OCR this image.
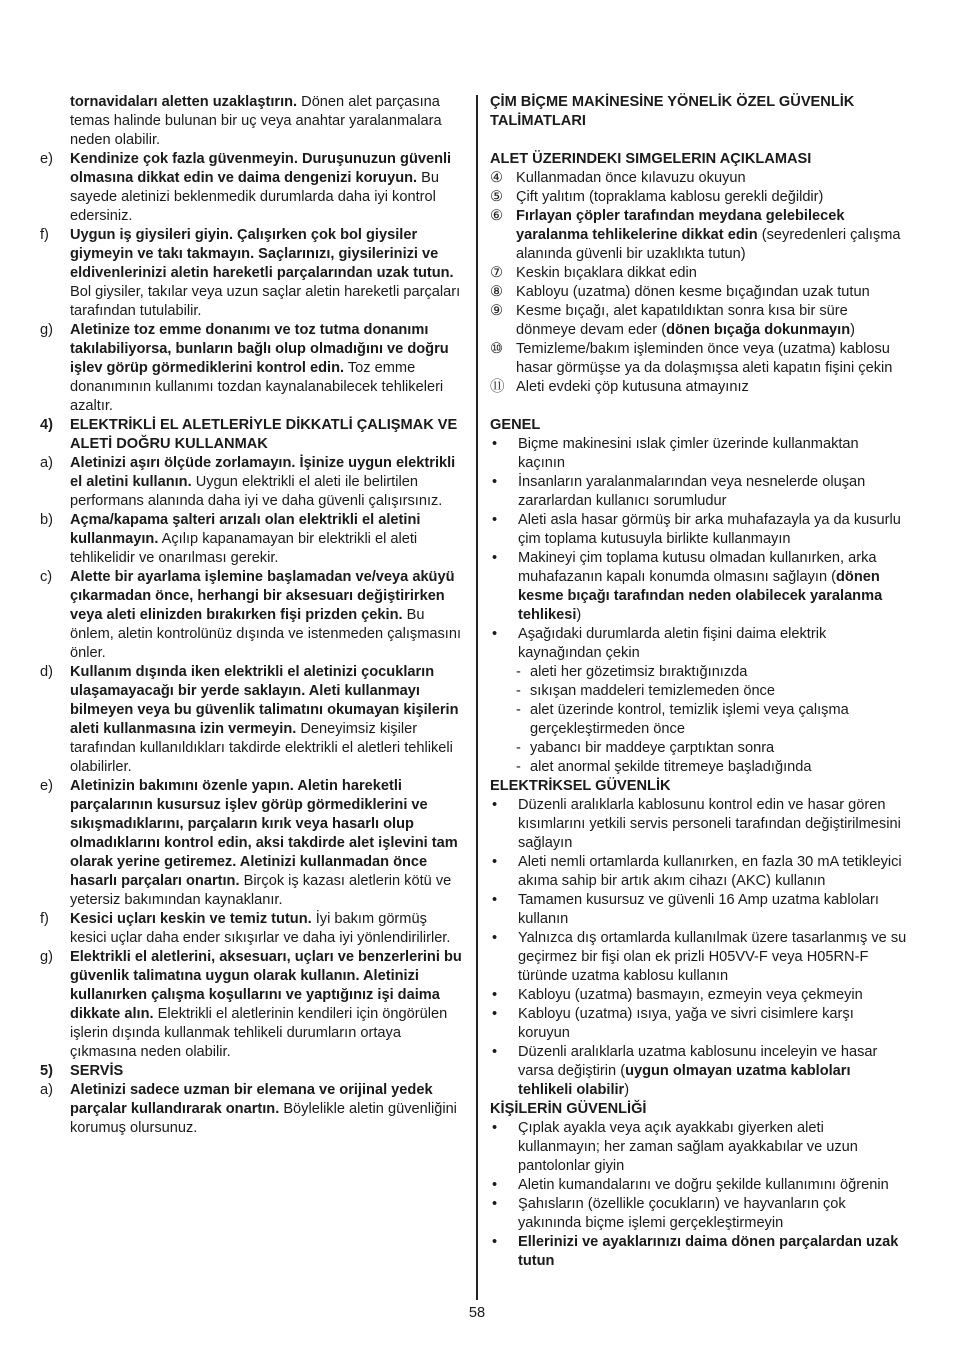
tornavidaları aletten uzaklaştırın. Dönen alet parçasına temas halinde bulunan bir uç veya anahtar yaralanmalara neden olabilir.
e)	Kendinize çok fazla güvenmeyin. Duruşunuzun güvenli olmasına dikkat edin ve daima dengenizi koruyun. Bu sayede aletinizi beklenmedik durumlarda daha iyi kontrol edersiniz.
f)	Uygun iş giysileri giyin. Çalışırken çok bol giysiler giymeyin ve takı takmayın. Saçlarınızı, giysilerinizi ve eldivenlerinizi aletin hareketli parçalarından uzak tutun. Bol giysiler, takılar veya uzun saçlar aletin hareketli parçaları tarafından tutulabilir.
g)	Aletinize toz emme donanımı ve toz tutma donanımı takılabiliyorsa, bunların bağlı olup olmadığını ve doğru işlev görüp görmediklerini kontrol edin. Toz emme donanımının kullanımı tozdan kaynalanabilecek tehlikeleri azaltır.
4)	ELEKTRİKLİ EL ALETLERİYLE DİKKATLİ ÇALIŞMAK VE ALETİ DOĞRU KULLANMAK
a)	Aletinizi aşırı ölçüde zorlamayın. İşinize uygun elektrikli el aletini kullanın. Uygun elektrikli el aleti ile belirtilen performans alanında daha iyi ve daha güvenli çalışırsınız.
b)	Açma/kapama şalteri arızalı olan elektrikli el aletini kullanmayın. Açılıp kapanamayan bir elektrikli el aleti tehlikelidir ve onarılması gerekir.
c)	Alette bir ayarlama işlemine başlamadan ve/veya aküyü çıkarmadan önce, herhangi bir aksesuarı değiştirirken veya aleti elinizden bırakırken fişi prizden çekin. Bu önlem, aletin kontrolünüz dışında ve istenmeden çalışmasını önler.
d)	Kullanım dışında iken elektrikli el aletinizi çocukların ulaşamayacağı bir yerde saklayın. Aleti kullanmayı bilmeyen veya bu güvenlik talimatını okumayan kişilerin aleti kullanmasına izin vermeyin. Deneyimsiz kişiler tarafından kullanıldıkları takdirde elektrikli el aletleri tehlikeli olabilirler.
e)	Aletinizin bakımını özenle yapın. Aletin hareketli parçalarının kusursuz işlev görüp görmediklerini ve sıkışmadıklarını, parçaların kırık veya hasarlı olup olmadıklarını kontrol edin, aksi takdirde alet işlevini tam olarak yerine getiremez. Aletinizi kullanmadan önce hasarlı parçaları onartın. Birçok iş kazası aletlerin kötü ve yetersiz bakımından kaynaklanır.
f)	Kesici uçları keskin ve temiz tutun. İyi bakım görmüş kesici uçlar daha ender sıkışırlar ve daha iyi yönlendirilirler.
g)	Elektrikli el aletlerini, aksesuarı, uçları ve benzerlerini bu güvenlik talimatına uygun olarak kullanın. Aletinizi kullanırken çalışma koşullarını ve yaptığınız işi daima dikkate alın. Elektrikli el aletlerinin kendileri için öngörülen işlerin dışında kullanmak tehlikeli durumların ortaya çıkmasına neden olabilir.
5)	SERVİS
a)	Aletinizi sadece uzman bir elemana ve orijinal yedek parçalar kullandırarak onartın. Böylelikle aletin güvenliğini korumuş olursunuz.
ÇİM BİÇME MAKİNESİNE YÖNELİK ÖZEL GÜVENLİK TALİMATLARI
ALET ÜZERINDEKI SIMGELERIN AÇIKLAMASI
④ Kullanmadan önce kılavuzu okuyun
⑤ Çift yalıtım (topraklama kablosu gerekli değildir)
⑥ Fırlayan çöpler tarafından meydana gelebilecek yaralanma tehlikelerine dikkat edin (seyredenleri çalışma alanında güvenli bir uzaklıkta tutun)
⑦ Keskin bıçaklara dikkat edin
⑧ Kabloyu (uzatma) dönen kesme bıçağından uzak tutun
⑨ Kesme bıçağı, alet kapatıldıktan sonra kısa bir süre dönmeye devam eder (dönen bıçağa dokunmayın)
⑩ Temizleme/bakım işleminden önce veya (uzatma) kablosu hasar görmüşse ya da dolaşmışsa aleti kapatın fişini çekin
⑪ Aleti evdeki çöp kutusuna atmayınız
GENEL
•	Biçme makinesini ıslak çimler üzerinde kullanmaktan kaçının
•	İnsanların yaralanmalarından veya nesnelerde oluşan zararlardan kullanıcı sorumludur
•	Aleti asla hasar görmüş bir arka muhafazayla ya da kusurlu çim toplama kutusuyla birlikte kullanmayın
•	Makineyi çim toplama kutusu olmadan kullanırken, arka muhafazanın kapalı konumda olmasını sağlayın (dönen kesme bıçağı tarafından neden olabilecek yaralanma tehlikesi)
•	Aşağıdaki durumlarda aletin fişini daima elektrik kaynağından çekin
- aleti her gözetimsiz bıraktığınızda
- sıkışan maddeleri temizlemeden önce
- alet üzerinde kontrol, temizlik işlemi veya çalışma gerçekleştirmeden önce
- yabancı bir maddeye çarptıktan sonra
- alet anormal şekilde titremeye başladığında
ELEKTRİKSEL GÜVENLİK
•	Düzenli aralıklarla kablosunu kontrol edin ve hasar gören kısımlarını yetkili servis personeli tarafından değiştirilmesini sağlayın
•	Aleti nemli ortamlarda kullanırken, en fazla 30 mA tetikleyici akıma sahip bir artık akım cihazı (AKC) kullanın
•	Tamamen kusursuz ve güvenli 16 Amp uzatma kabloları kullanın
•	Yalnızca dış ortamlarda kullanılmak üzere tasarlanmış ve su geçirmez bir fişi olan ek prizli H05VV-F veya H05RN-F türünde uzatma kablosu kullanın
•	Kabloyu (uzatma) basmayın, ezmeyin veya çekmeyin
•	Kabloyu (uzatma) ısıya, yağa ve sivri cisimlere karşı koruyun
•	Düzenli aralıklarla uzatma kablosunu inceleyin ve hasar varsa değiştirin (uygun olmayan uzatma kabloları tehlikeli olabilir)
KİŞİLERİN GÜVENLİĞİ
•	Çıplak ayakla veya açık ayakkabı giyerken aleti kullanmayın; her zaman sağlam ayakkabılar ve uzun pantolonlar giyin
•	Aletin kumandalarını ve doğru şekilde kullanımını öğrenin
•	Şahısların (özellikle çocukların) ve hayvanların çok yakınında biçme işlemi gerçekleştirmeyin
•	Ellerinizi ve ayaklarınızı daima dönen parçalardan uzak tutun
58
